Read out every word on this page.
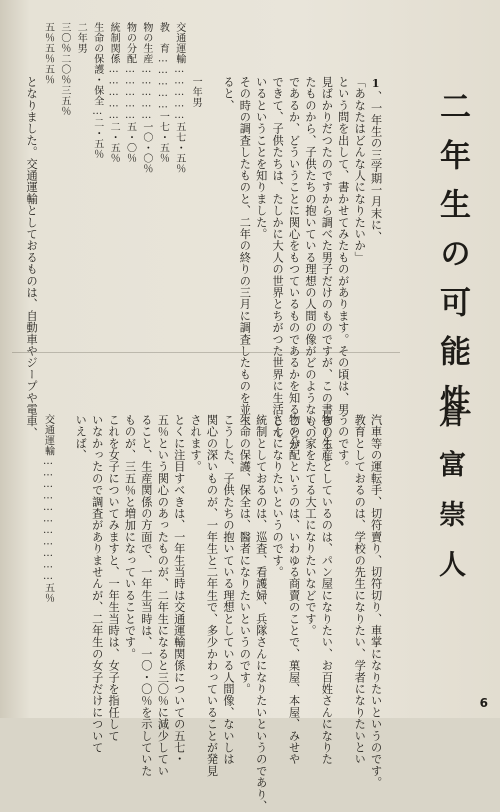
二年生の可能性
倉富崇人

1、一年生の三学期一月末に、
「あなたはどんな人になりたいか」
という問を出して、書かせてみたものがあります。その頃は、男
見ばかりだつたのですから調べた男子だけのものですが、この書きしるし
たものから、子供たちの抱いている理想の人間の像がどのようなもの
であるか、どういうことに関心をもつているものであるかを知ることが
できて、子供たちは、たしかに大人の世界とちがつた世界に生活して
いるということを知りました。
その時の調査したものと、二年の終りの三月に調査したものを並べ
ると、

一年男
交通運輸……………五七・五％
教　育……………一七・五％
物の生産……………一〇・〇％
物の分配……………五・〇％
統制関係……………二・五％
生命の保護・保全…二・五％
二年男
三〇％二〇％三五％
五％五％五％
となりました。交通運輸としておるものは、自動車やジープや電車、

汽車等の運転手、切符賣り、切符切り、車掌になりたいというのです。
教育としておるのは、学校の先生になりたい、学者になりたいとい
うのです。
物の生産としているのは、パン屋になりたい、お百姓さんになりた
い、家をたてる大工になりたいなどです。
物の分配というのは、いわゆる商賣のことで、菓屋、本屋、みせや
さんになりたいというのです。
統制としておるのは、巡査、看護婦、兵隊さんになりたいというのであり、
生命の保護、保全は、醫者になりたいというのです。
こうした、子供たちの抱いている理想としている人間像、ないしは
関心の深いものが、一年生と二年生で、多少かわっていることが発見
されます。
とくに注目すべきは、一年生当時は交通運輸関係についての五七・
五％という関心のあったものが、二年生になると三〇％に減少してい
ること、生産関係の方面で、一年生当時は、一〇・〇％を示していた
ものが、三五％と増加になっていることです。
これを女子についてみますと、一年生当時は、女子を指任して
いなかったので調査がありませんが、二年生の女子だけについて
いえば、

交通運輸……………………………五％

6
